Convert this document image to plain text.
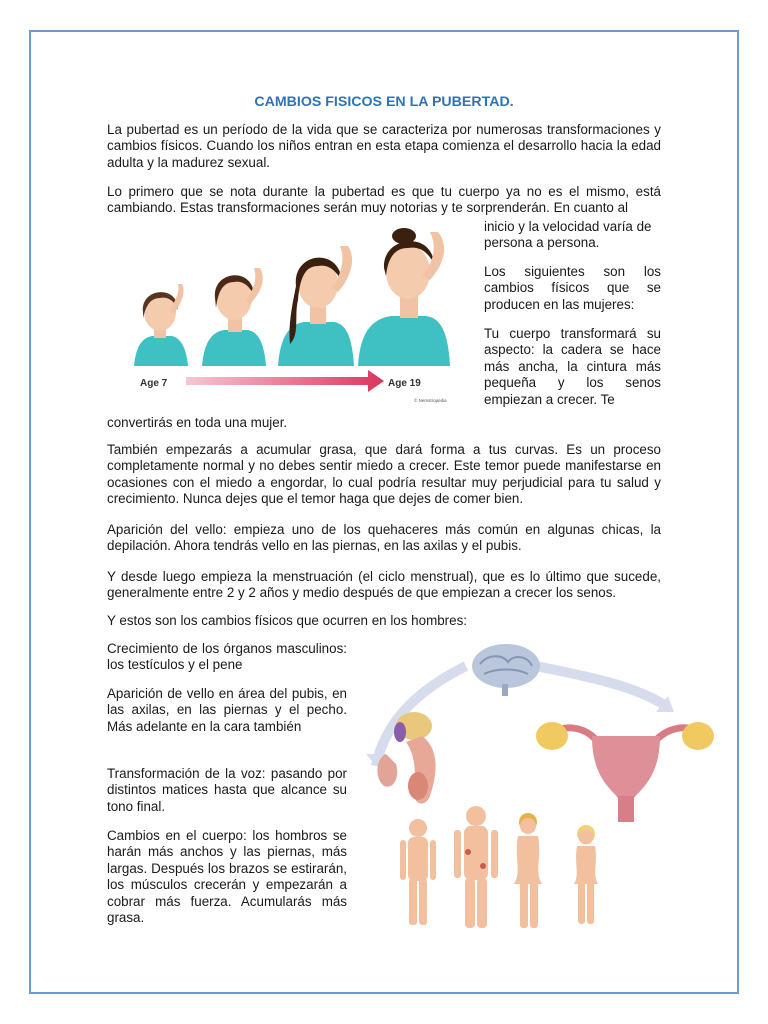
CAMBIOS FISICOS EN LA PUBERTAD.

La pubertad es un período de la vida que se caracteriza por numerosas transformaciones y cambios físicos. Cuando los niños entran en esta etapa comienza el desarrollo hacia la edad adulta y la madurez sexual.

Lo primero que se nota durante la pubertad es que tu cuerpo ya no es el mismo, está cambiando. Estas transformaciones serán muy notorias y te sorprenderán. En cuanto al

inicio y la velocidad varía de persona a persona.

Los siguientes son los cambios físicos que se producen en las mujeres:

Tu cuerpo transformará su aspecto: la cadera se hace más ancha, la cintura más pequeña y los senos empiezan a crecer. Te

convertirás en toda una mujer.

También empezarás a acumular grasa, que dará forma a tus curvas. Es un proceso completamente normal y no debes sentir miedo a crecer. Este temor puede manifestarse en ocasiones con el miedo a engordar, lo cual podría resultar muy perjudicial para tu salud y crecimiento. Nunca dejes que el temor haga que dejes de comer bien.

Aparición del vello: empieza uno de los quehaceres más común en algunas chicas, la depilación. Ahora tendrás vello en las piernas, en las axilas y el pubis.

Y desde luego empieza la menstruación (el ciclo menstrual), que es lo último que sucede, generalmente entre 2 y 2 años y medio después de que empiezan a crecer los senos.

Y estos son los cambios físicos que ocurren en los hombres:

Crecimiento de los órganos masculinos: los testículos y el pene

Aparición de vello en área del pubis, en las axilas, en las piernas y el pecho. Más adelante en la cara también

Transformación de la voz: pasando por distintos matices hasta que alcance su tono final.

Cambios en el cuerpo: los hombros se harán más anchos y las piernas, más largas. Después los brazos se estirarán, los músculos crecerán y empezarán a cobrar más fuerza. Acumularás más grasa.

Age 7	Age 19
© Nemstropedia
